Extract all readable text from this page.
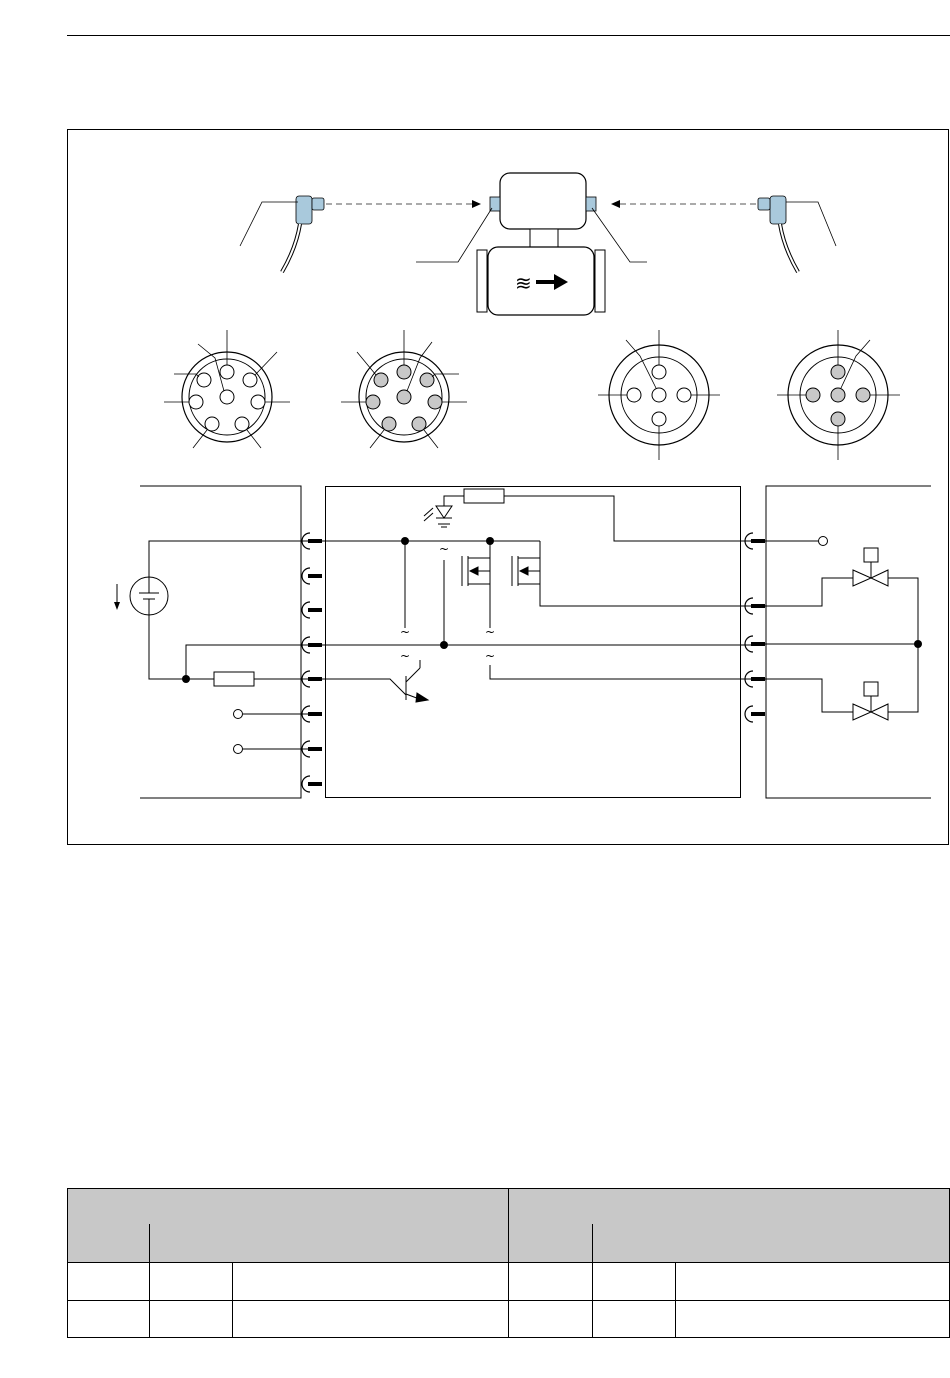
≋
~
~
~
~
~
